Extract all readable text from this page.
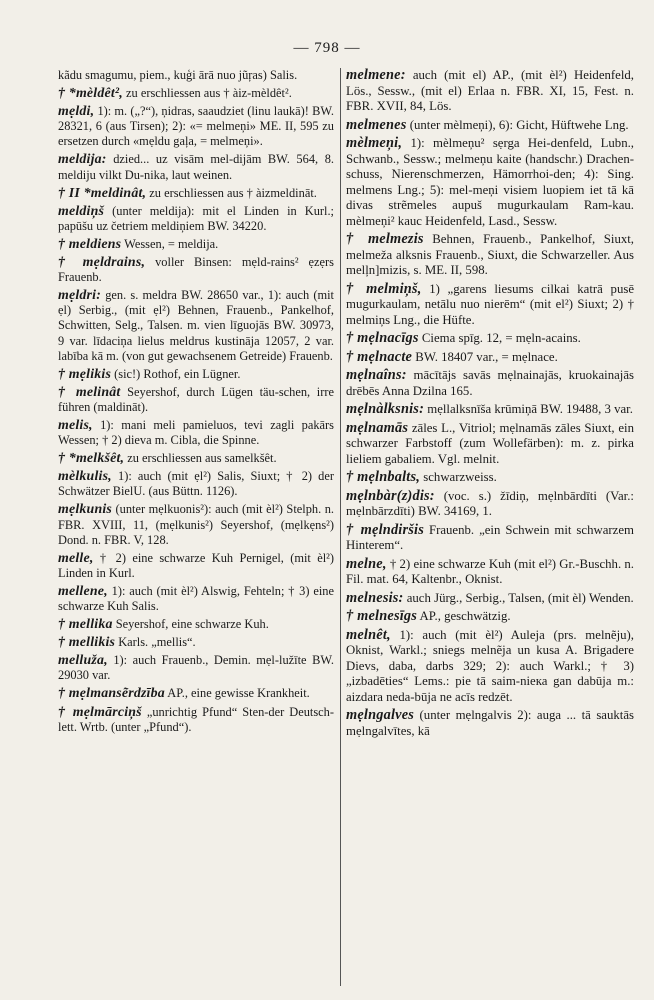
— 798 —
kãdu smagumu, piem., kuģi ārā nuo jũŗas) Salis.
† *mèldêt², zu erschliessen aus † àiz-mèldêt².
mẹldi, 1): m. („?“), ņidras, saaudziet (linu laukā)! BW. 28321, 6 (aus Tirsen); 2): «= melmeņi» ME. II, 595 zu ersetzen durch «mẹldu gaļa, = melmeņi».
meldija: dzied... uz visām mel-dijām BW. 564, 8. meldiju vilkt Du-nika, laut weinen.
† II *meldinât, zu erschliessen aus † àizmeldināt.
meldiņš (unter meldija): mit el Linden in Kurl.; papūšu uz četriem meldiņiem BW. 34220.
† meldiens Wessen, = meldija.
† mẹldrains, voller Binsen: mẹld-rains² ẹzẹrs Frauenb.
mẹldri: gen. s. meldra BW. 28650 var., 1): auch (mit ẹl) Serbig., (mit ẹl²) Behnen, Frauenb., Pankelhof, Schwitten, Selg., Talsen. m. vien līguojās BW. 30973, 9 var. līdaciņa lielus meldrus kustināja 12057, 2 var. labība kā m. (von gut gewachsenem Getreide) Frauenb.
† mẹlikis (sic!) Rothof, ein Lügner.
† melinât Seyershof, durch Lügen täu-schen, irre führen (maldināt).
melis, 1): mani meli pamieluos, tevi zagli pakārs Wessen; † 2) dieva m. Cibla, die Spinne.
† *melkšêt, zu erschliessen aus samelkšêt.
mèlkulis, 1): auch (mit ẹl²) Salis, Siuxt; † 2) der Schwätzer BielU. (aus Büttn. 1126).
mẹlkunis (unter mẹlkuonis²): auch (mit èl²) Stelph. n. FBR. XVIII, 11, (mẹlkunis²) Seyershof, (mẹlkẹns²) Dond. n. FBR. V, 128.
melle, † 2) eine schwarze Kuh Pernigel, (mit èl²) Linden in Kurl.
mellene, 1): auch (mit èl²) Alswig, Fehteln; † 3) eine schwarze Kuh Salis.
† mellika Seyershof, eine schwarze Kuh.
† mellikis Karls. „mellis“.
melluža, 1): auch Frauenb., Demin. mẹl-lužīte BW. 29030 var.
† mẹlmansẽrdzība AP., eine gewisse Krankheit.
† mẹlmārciņš „unrichtig Pfund“ Sten-der Deutsch-lett. Wrtb. (unter „Pfund“).
melmene: auch (mit el) AP., (mit èl²) Heidenfeld, Lös., Sessw., (mit el) Erlaa n. FBR. XI, 15, Fest. n. FBR. XVII, 84, Lös.
melmenes (unter mèlmeņi), 6): Gicht, Hüftwehe Lng.
mèlmeņi, 1): mèlmeņu² sẹrga Hei-denfeld, Lubn., Schwanb., Sessw.; melmeņu kaite (handschr.) Drachen-schuss, Nierenschmerzen, Hämorrhoi-den; 4): Sing. melmens Lng.; 5): mel-meņi visiem luopiem iet tā kā divas strẽmeles aupuš mugurkaulam Ram-kau. mèlmeņi² kauc Heidenfeld, Lasd., Sessw.
† melmezis Behnen, Frauenb., Pankelhof, Siuxt, melmeža alksnis Frauenb., Siuxt, die Schwarzeller. Aus melļn]mizis, s. ME. II, 598.
† melmiņš, 1) „garens liesums cilkai katrā pusē mugurkaulam, netālu nuo nierēm“ (mit el²) Siuxt; 2) † melmiņs Lng., die Hüfte.
† mẹlnacīgs Ciema spīg. 12, = mẹln-acains.
† mẹlnacte BW. 18407 var., = mẹlnace.
mẹlnaîns: mācītājs savās mẹlnainajās, kruokainajās drēbēs Anna Dzilna 165.
mẹlnàlksnis: mẹllalksnīša krūmiņā BW. 19488, 3 var.
mẹlnamās zāles L., Vitriol; mẹlnamās zāles Siuxt, ein schwarzer Farbstoff (zum Wollefärben): m. z. pirka lieliem gabaliem. Vgl. melnit.
† mẹlnbalts, schwarzweiss.
mẹlnbàr(z)dis: (voc. s.) žīdiņ, mẹlnbārdīti (Var.: mẹlnbārzdīti) BW. 34169, 1.
† mẹlndiršis Frauenb. „ein Schwein mit schwarzem Hinterem“.
melne, † 2) eine schwarze Kuh (mit el²) Gr.-Buschh. n. Fil. mat. 64, Kaltenbr., Oknist.
melnesis: auch Jürg., Serbig., Talsen, (mit èl) Wenden.
† melnesīgs AP., geschwätzig.
melnêt, 1): auch (mit èl²) Auleja (prs. melnẽju), Oknist, Warkl.; sniegs melnẽja un kusa A. Brigadere Dievs, daba, darbs 329; 2): auch Warkl.; † 3) „izbadēties“ Lems.: pie tā saim-niека gan dabūja m.: aizdara neda-būja ne acīs redzēt.
mẹlngalves (unter mẹlngalvis 2): auga ... tā sauktās mẹlngalvītes, kā
